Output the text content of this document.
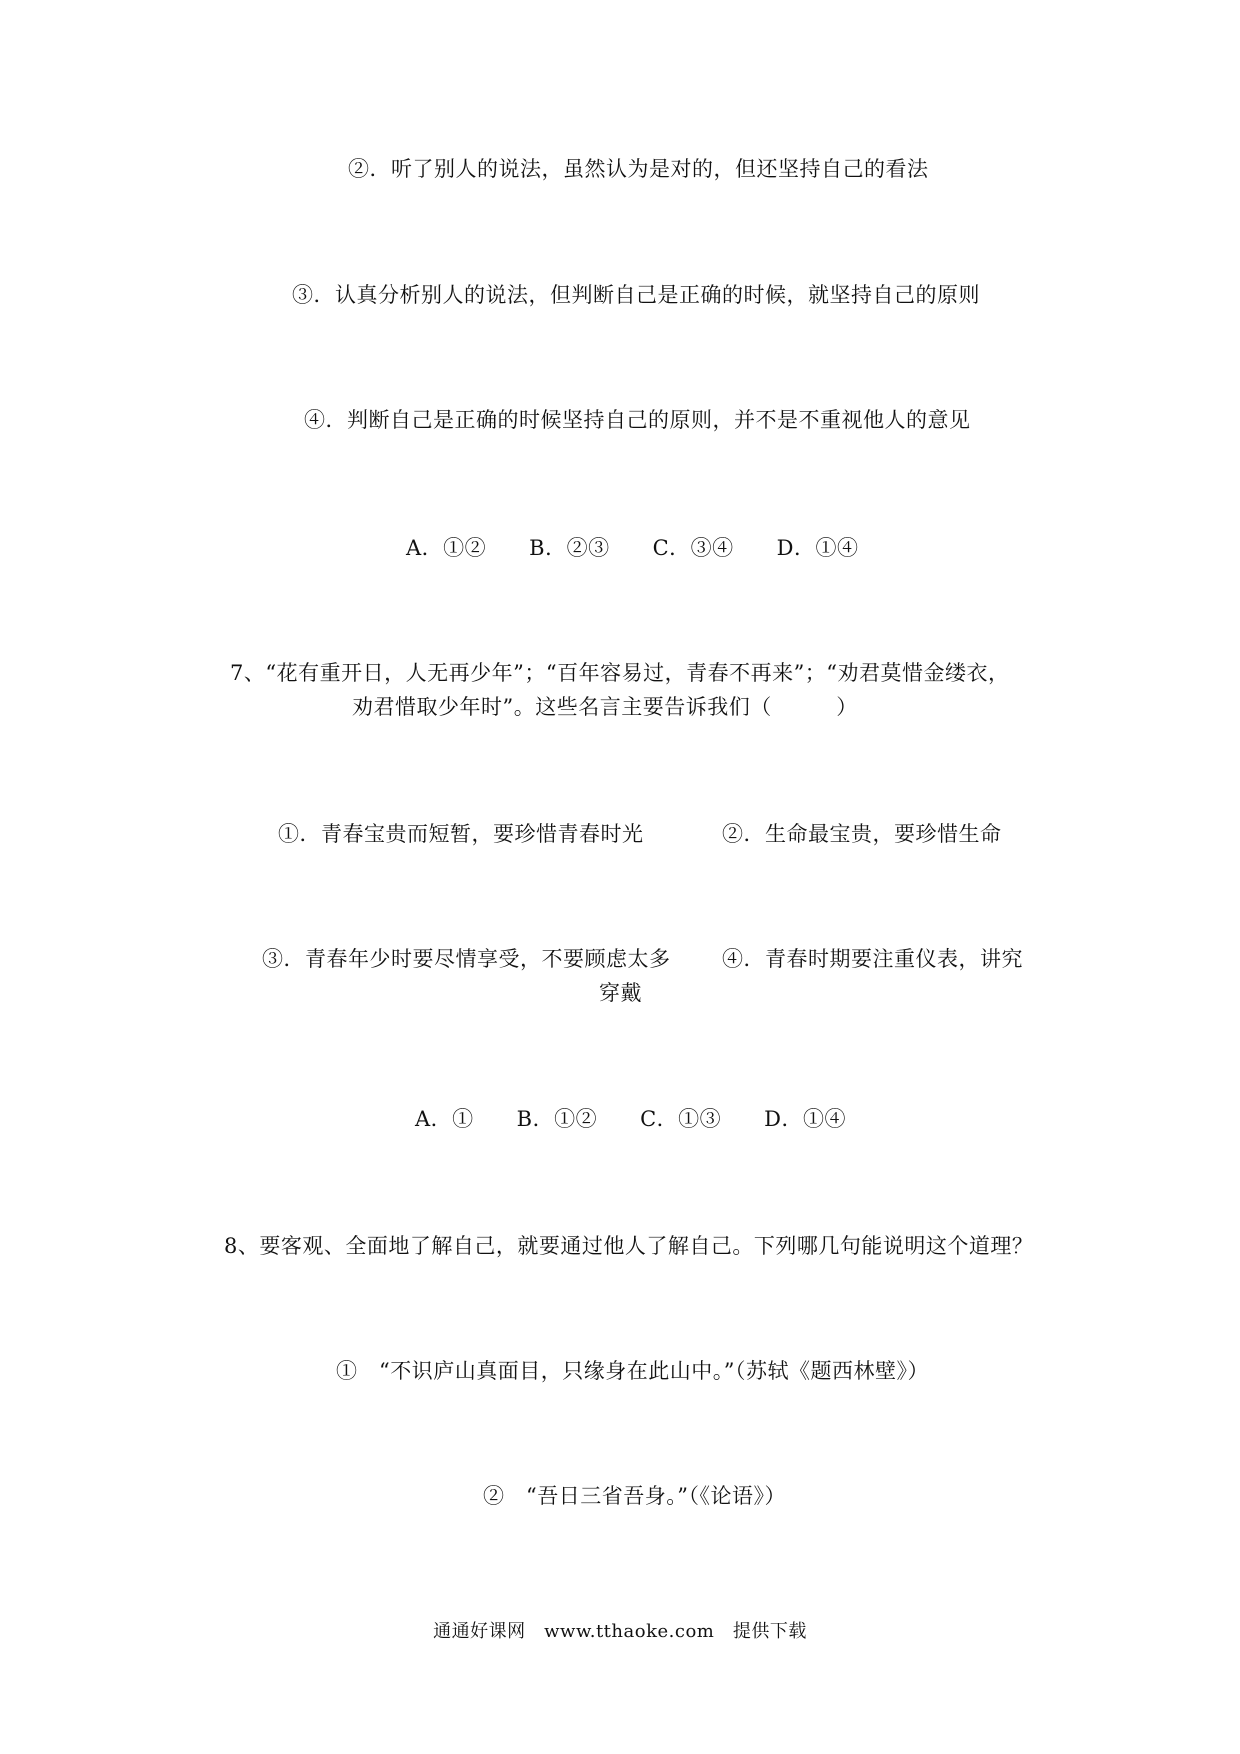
②．听了别人的说法，虽然认为是对的，但还坚持自己的看法
③．认真分析别人的说法，但判断自己是正确的时候，就坚持自己的原则
④．判断自己是正确的时候坚持自己的原则，并不是不重视他人的意见
A．①②　　B．②③　　C．③④　　D．①④
7、“花有重开日，人无再少年”；“百年容易过，青春不再来”；“劝君莫惜金缕衣，
劝君惜取少年时”。这些名言主要告诉我们（　　　）
①．青春宝贵而短暂，要珍惜青春时光	②．生命最宝贵，要珍惜生命
③．青春年少时要尽情享受，不要顾虑太多 ④．青春时期要注重仪表，讲究
穿戴
A．①　　B．①②　　C．①③　　D．①④
8、要客观、全面地了解自己，就要通过他人了解自己。下列哪几句能说明这个道理？
①　“不识庐山真面目，只缘身在此山中。”（苏轼《题西林壁》）
②　“吾日三省吾身。”（《论语》）
通通好课网　www.tthaoke.com　提供下载
